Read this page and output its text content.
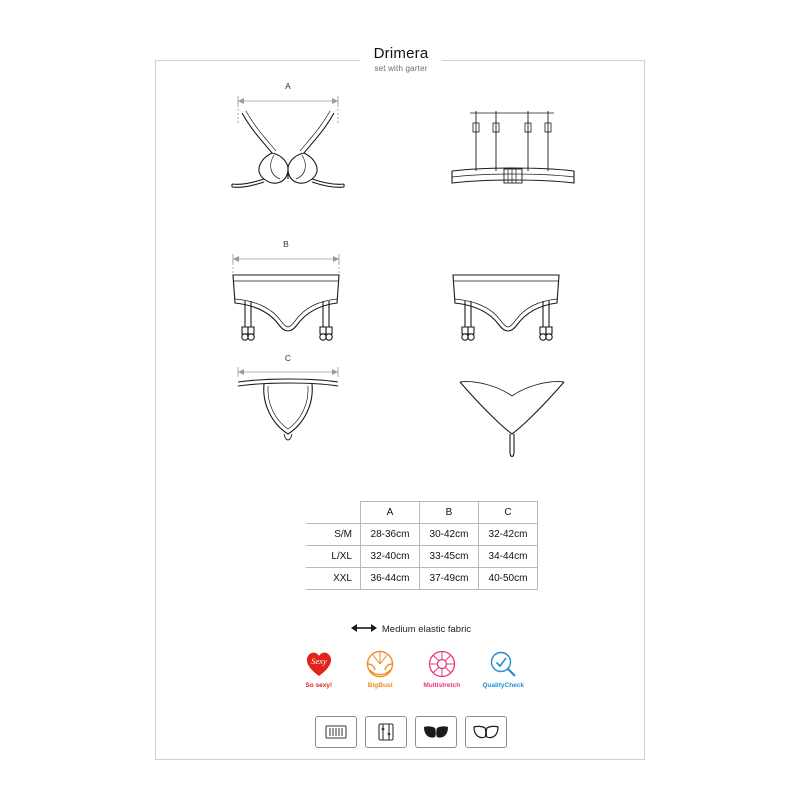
Drimera
set with garter
A
B
C
	A	B	C
S/M	28-36cm	30-42cm	32-42cm
L/XL	32-40cm	33-45cm	34-44cm
XXL	36-44cm	37-49cm	40-50cm
Medium elastic fabric
Sexy
So sexy!	BigBust	Multistretch	QualityCheck
